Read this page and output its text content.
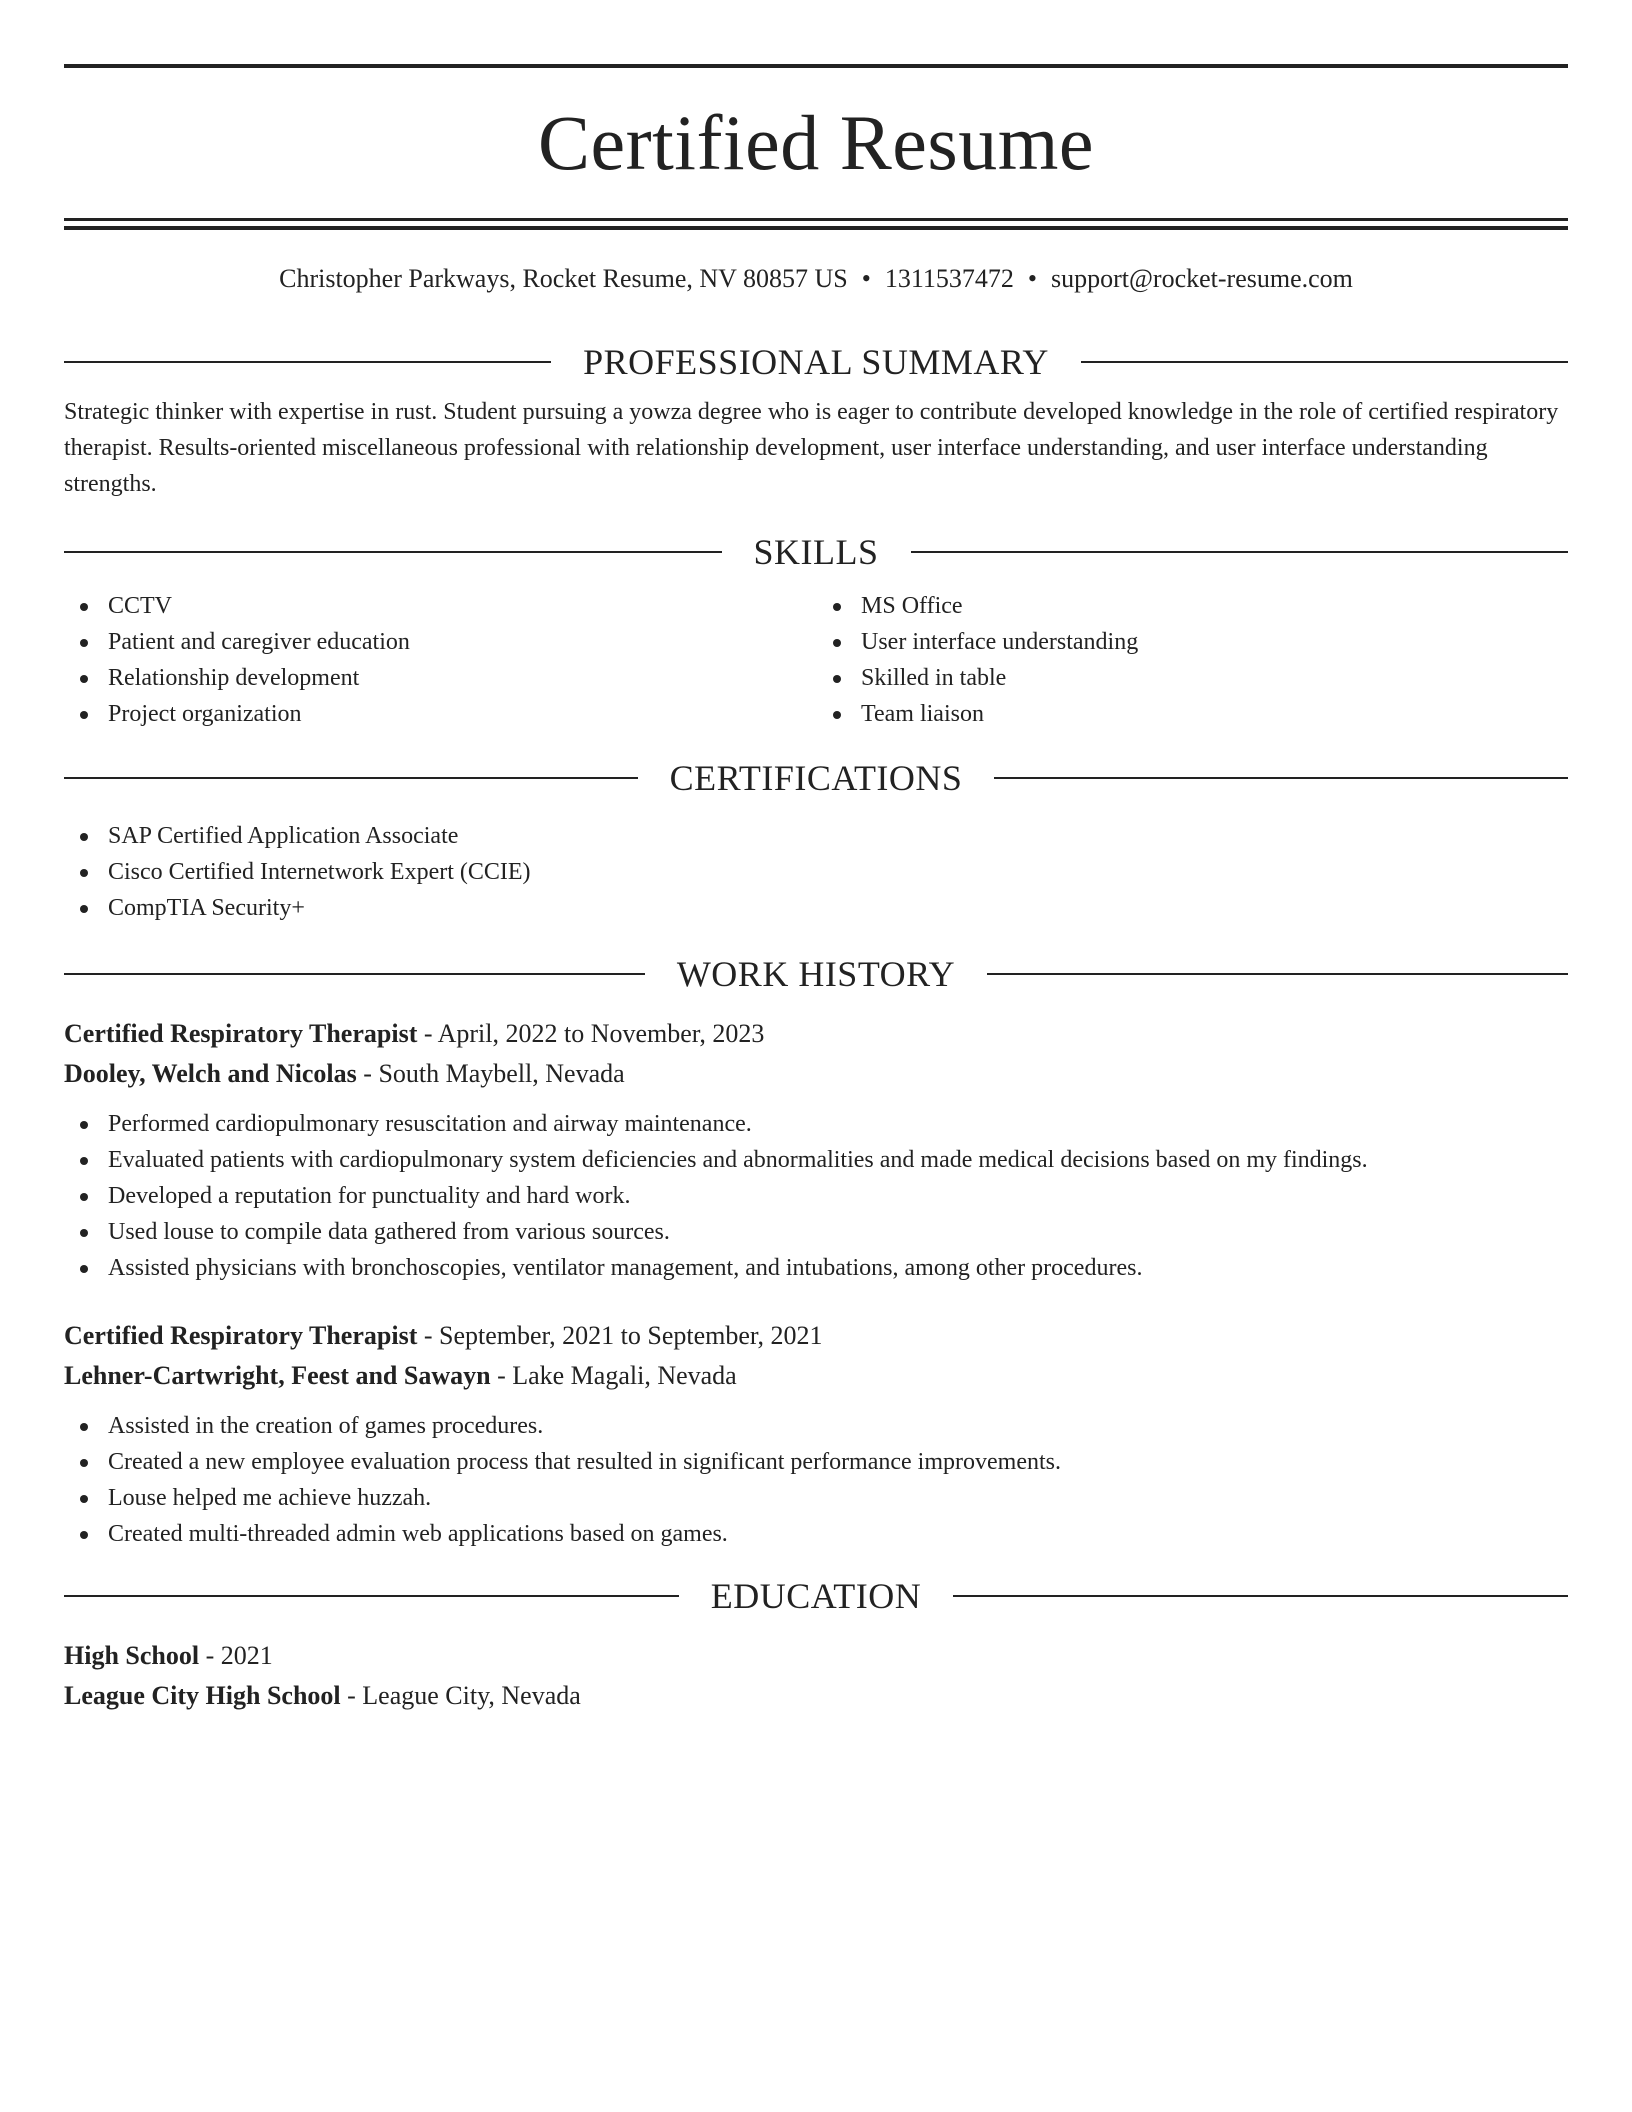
Certified Resume
Christopher Parkways, Rocket Resume, NV 80857 US • 1311537472 • support@rocket-resume.com
PROFESSIONAL SUMMARY
Strategic thinker with expertise in rust. Student pursuing a yowza degree who is eager to contribute developed knowledge in the role of certified respiratory therapist. Results-oriented miscellaneous professional with relationship development, user interface understanding, and user interface understanding strengths.
SKILLS
CCTV
Patient and caregiver education
Relationship development
Project organization
MS Office
User interface understanding
Skilled in table
Team liaison
CERTIFICATIONS
SAP Certified Application Associate
Cisco Certified Internetwork Expert (CCIE)
CompTIA Security+
WORK HISTORY
Certified Respiratory Therapist - April, 2022 to November, 2023
Dooley, Welch and Nicolas - South Maybell, Nevada
Performed cardiopulmonary resuscitation and airway maintenance.
Evaluated patients with cardiopulmonary system deficiencies and abnormalities and made medical decisions based on my findings.
Developed a reputation for punctuality and hard work.
Used louse to compile data gathered from various sources.
Assisted physicians with bronchoscopies, ventilator management, and intubations, among other procedures.
Certified Respiratory Therapist - September, 2021 to September, 2021
Lehner-Cartwright, Feest and Sawayn - Lake Magali, Nevada
Assisted in the creation of games procedures.
Created a new employee evaluation process that resulted in significant performance improvements.
Louse helped me achieve huzzah.
Created multi-threaded admin web applications based on games.
EDUCATION
High School - 2021
League City High School - League City, Nevada
